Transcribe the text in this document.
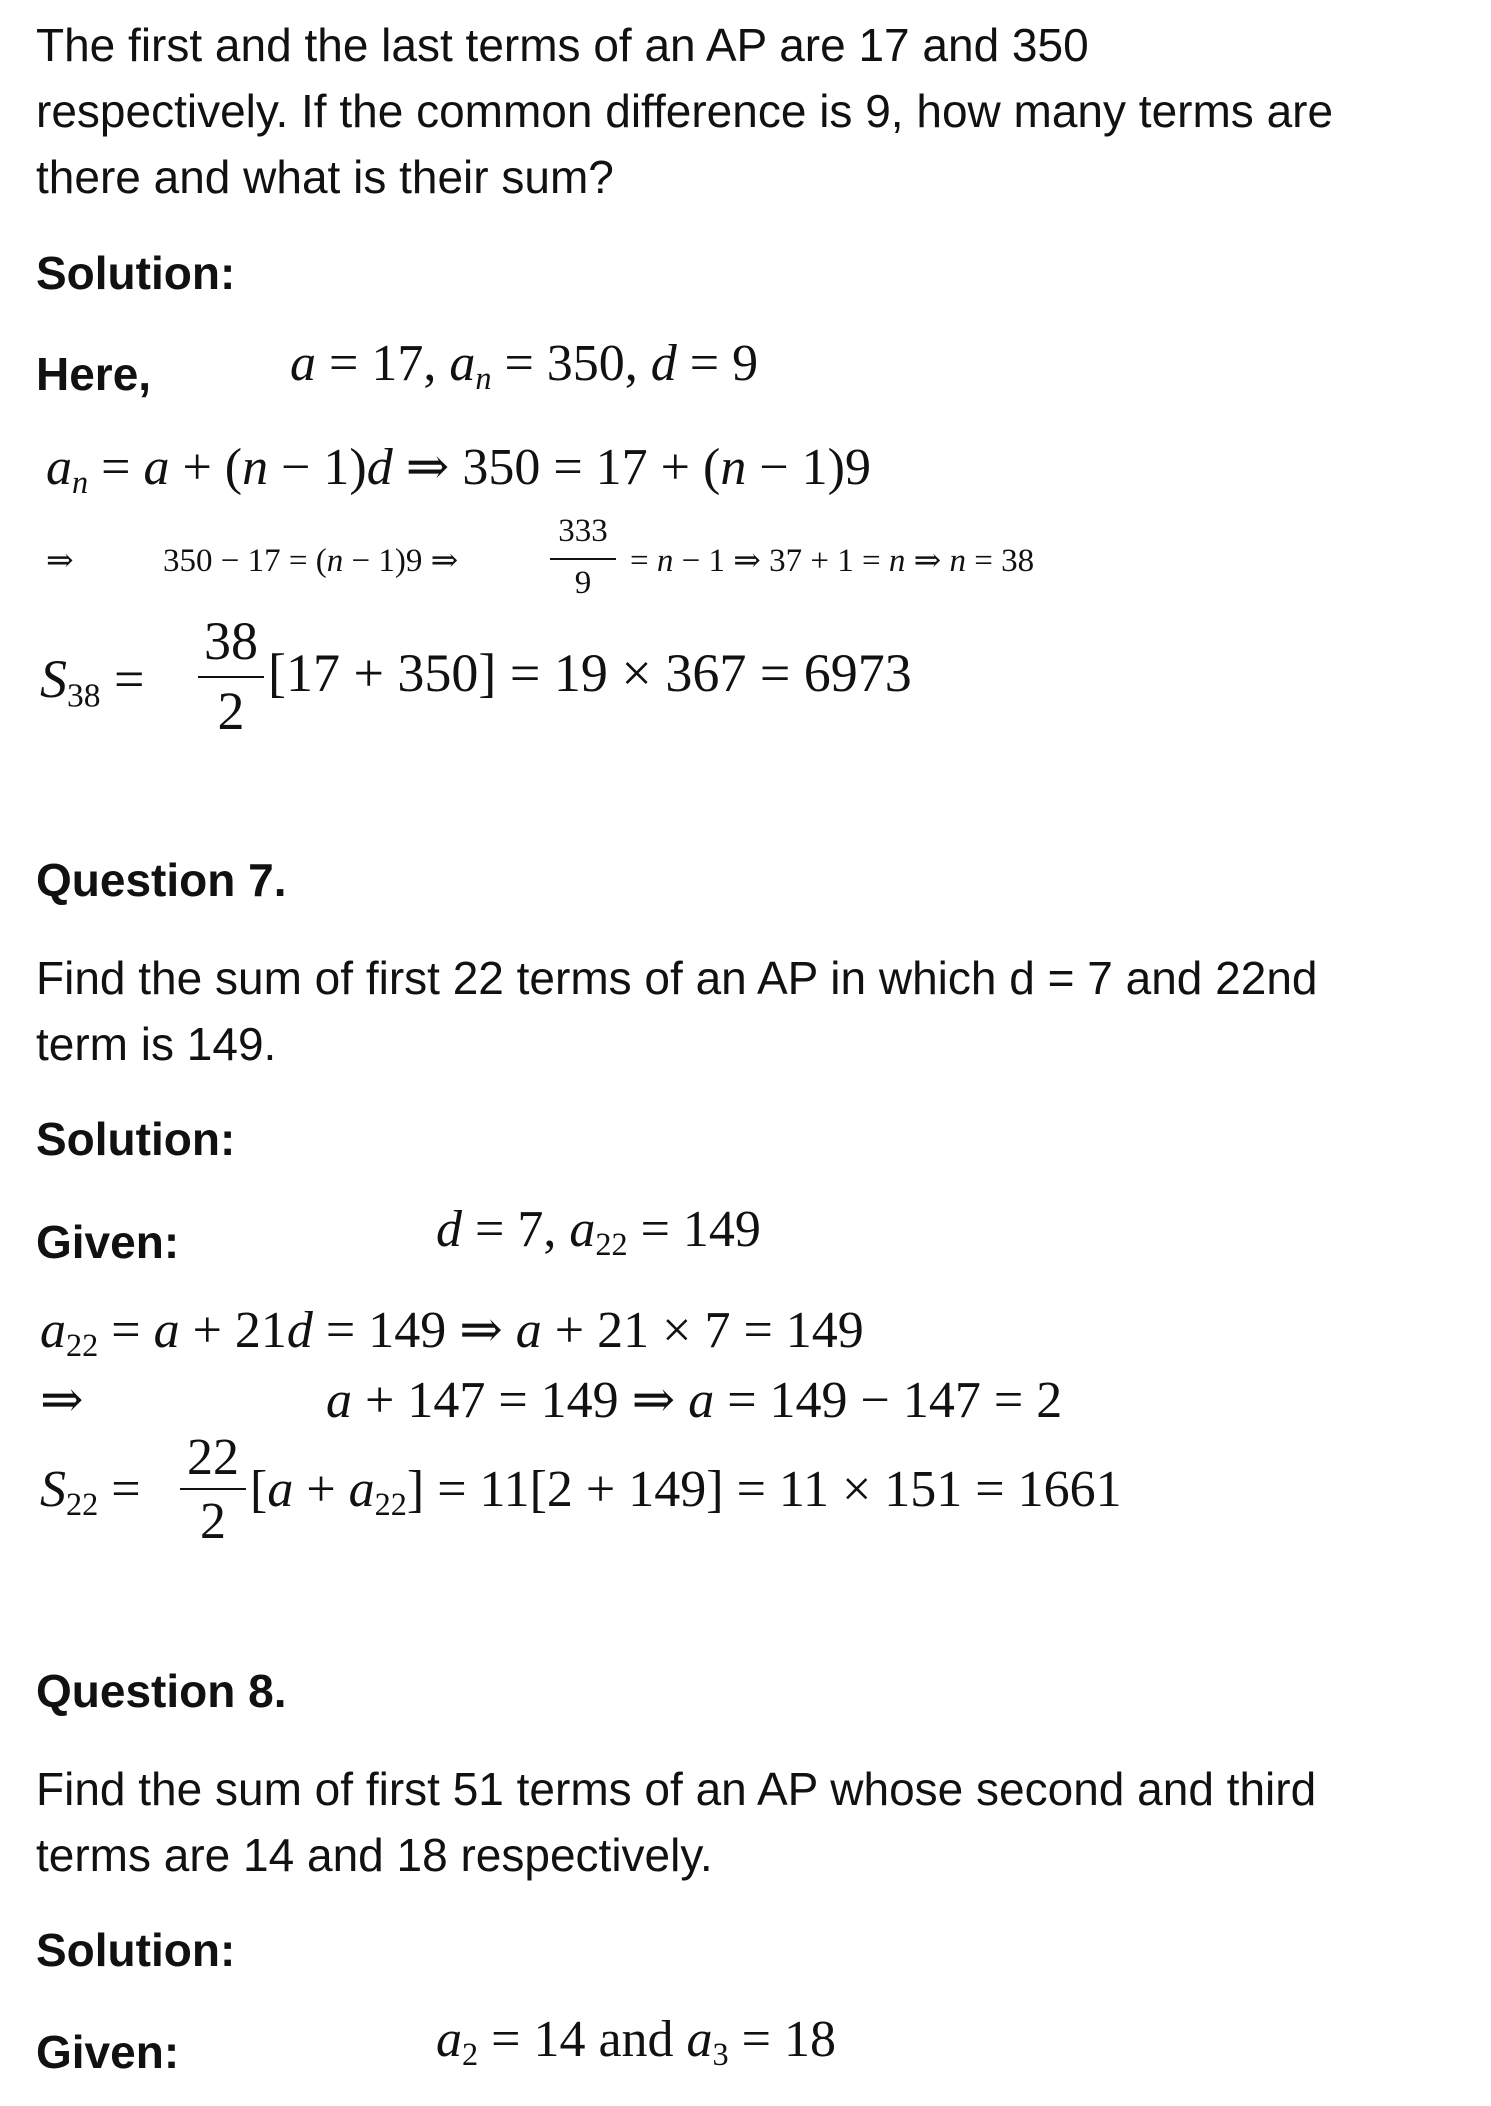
The first and the last terms of an AP are 17 and 350
respectively. If the common difference is 9, how many terms are
there and what is their sum?
Solution:
Here,	a = 17, $a_n = 350$, d = 9
$a_n = a + (n - 1)d$ ⇒ 350 = 17 + (n − 1)9
⇒	350 − 17 = (n − 1)9 ⇒
333
9
= n − 1 ⇒ 37 + 1 = n ⇒ n = 38
$S_{38}$ =
38
2
[17 + 350] = 19 × 367 = 6973
Question 7.
Find the sum of first 22 terms of an AP in which d = 7 and 22nd
term is 149.
Solution:
Given:	d = 7, $a_{22} = 149$
$a_{22} = a + 21d = 149$ ⇒ a + 21 × 7 = 149
⇒	a + 147 = 149 ⇒ a = 149 − 147 = 2
$S_{22}$ =
22
2
$[a + a_{22}] = 11[2 + 149] = 11 \times 151 = 1661$
Question 8.
Find the sum of first 51 terms of an AP whose second and third
terms are 14 and 18 respectively.
Solution:
Given:	$a_2 = 14$ and $a_3 = 18$
